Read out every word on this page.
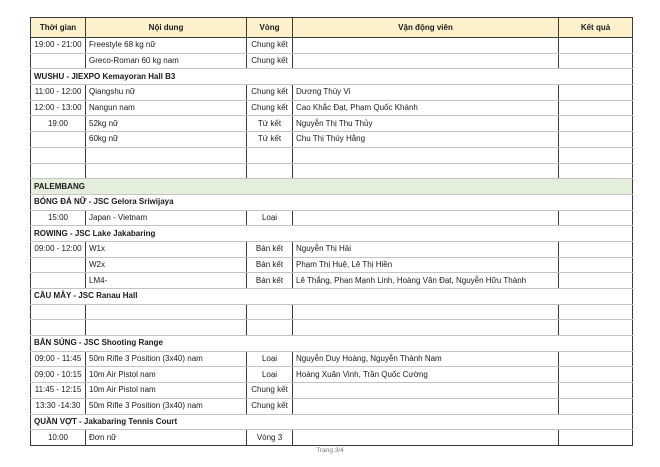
Thời gian	Nội dung	Vòng	Vận động viên	Kết quả
19:00 - 21:00	Freestyle 68 kg nữ	Chung kết		
	Greco-Roman 60 kg nam	Chung kết		
WUSHU - JIEXPO Kemayoran Hall B3				
11:00 - 12:00	Qiangshu nữ	Chung kết	Dương Thúy Vi	
12:00 - 13:00	Nangun nam	Chung kết	Cao Khắc Đạt, Phạm Quốc Khánh	
19:00	52kg nữ	Tứ kết	Nguyễn Thị Thu Thủy	
	60kg nữ	Tứ kết	Chu Thị Thúy Hằng	

PALEMBANG				
BÓNG ĐÁ NỮ - JSC Gelora Sriwijaya				
15:00	Japan - Vietnam	Loại		
ROWING - JSC Lake Jakabaring				
09:00 - 12:00	W1x	Bán kết	Nguyễn Thị Hải	
	W2x	Bán kết	Phạm Thị Huệ, Lê Thị Hiền	
	LM4-	Bán kết	Lê Thắng, Phan Mạnh Linh, Hoàng Văn Đạt, Nguyễn Hữu Thành	
CẦU MÂY - JSC Ranau Hall				

BẮN SÚNG - JSC Shooting Range				
09:00 - 11:45	50m Rifle 3 Position (3x40) nam	Loại	Nguyễn Duy Hoàng, Nguyễn Thành Nam	
09:00 - 10:15	10m Air Pistol nam	Loại	Hoàng Xuân Vinh, Trần Quốc Cường	
11:45 - 12:15	10m Air Pistol nam	Chung kết		
13:30 -14:30	50m Rifle 3 Position (3x40) nam	Chung kết		
QUẦN VỢT - Jakabaring Tennis Court				
10:00	Đơn nữ	Vòng 3		
Trang 3/4
